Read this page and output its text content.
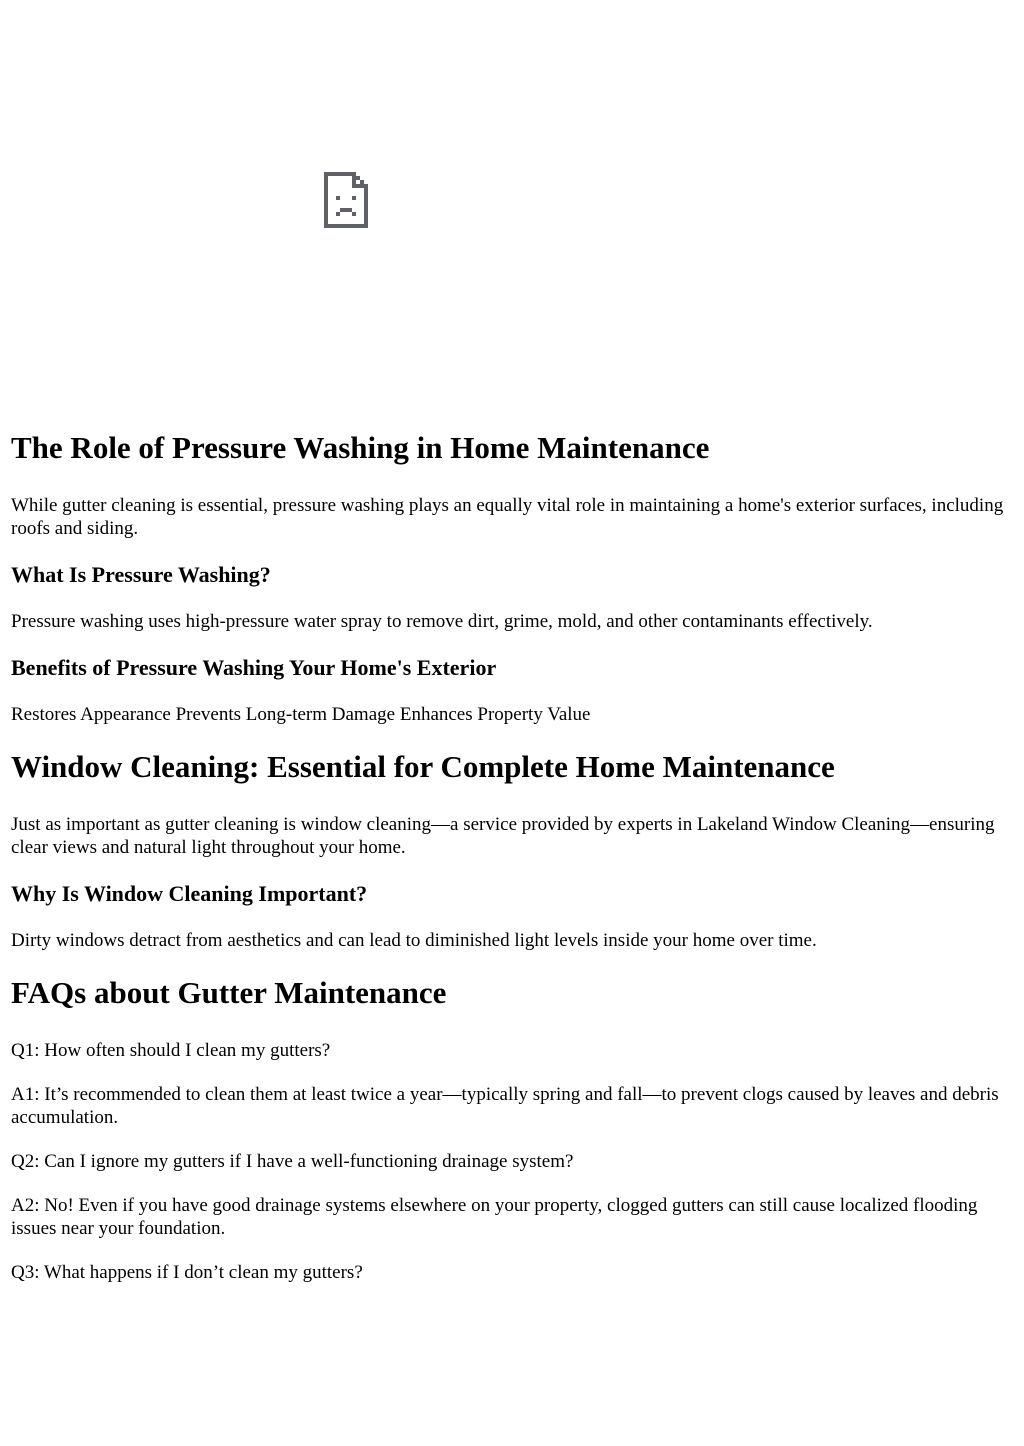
The Role of Pressure Washing in Home Maintenance

While gutter cleaning is essential, pressure washing plays an equally vital role in maintaining a home's exterior surfaces, including roofs and siding.

What Is Pressure Washing?

Pressure washing uses high-pressure water spray to remove dirt, grime, mold, and other contaminants effectively.

Benefits of Pressure Washing Your Home's Exterior

Restores Appearance Prevents Long-term Damage Enhances Property Value

Window Cleaning: Essential for Complete Home Maintenance

Just as important as gutter cleaning is window cleaning—a service provided by experts in Lakeland Window Cleaning—ensuring clear views and natural light throughout your home.

Why Is Window Cleaning Important?

Dirty windows detract from aesthetics and can lead to diminished light levels inside your home over time.

FAQs about Gutter Maintenance

Q1: How often should I clean my gutters?

A1: It’s recommended to clean them at least twice a year—typically spring and fall—to prevent clogs caused by leaves and debris accumulation.

Q2: Can I ignore my gutters if I have a well-functioning drainage system?

A2: No! Even if you have good drainage systems elsewhere on your property, clogged gutters can still cause localized flooding issues near your foundation.

Q3: What happens if I don’t clean my gutters?
